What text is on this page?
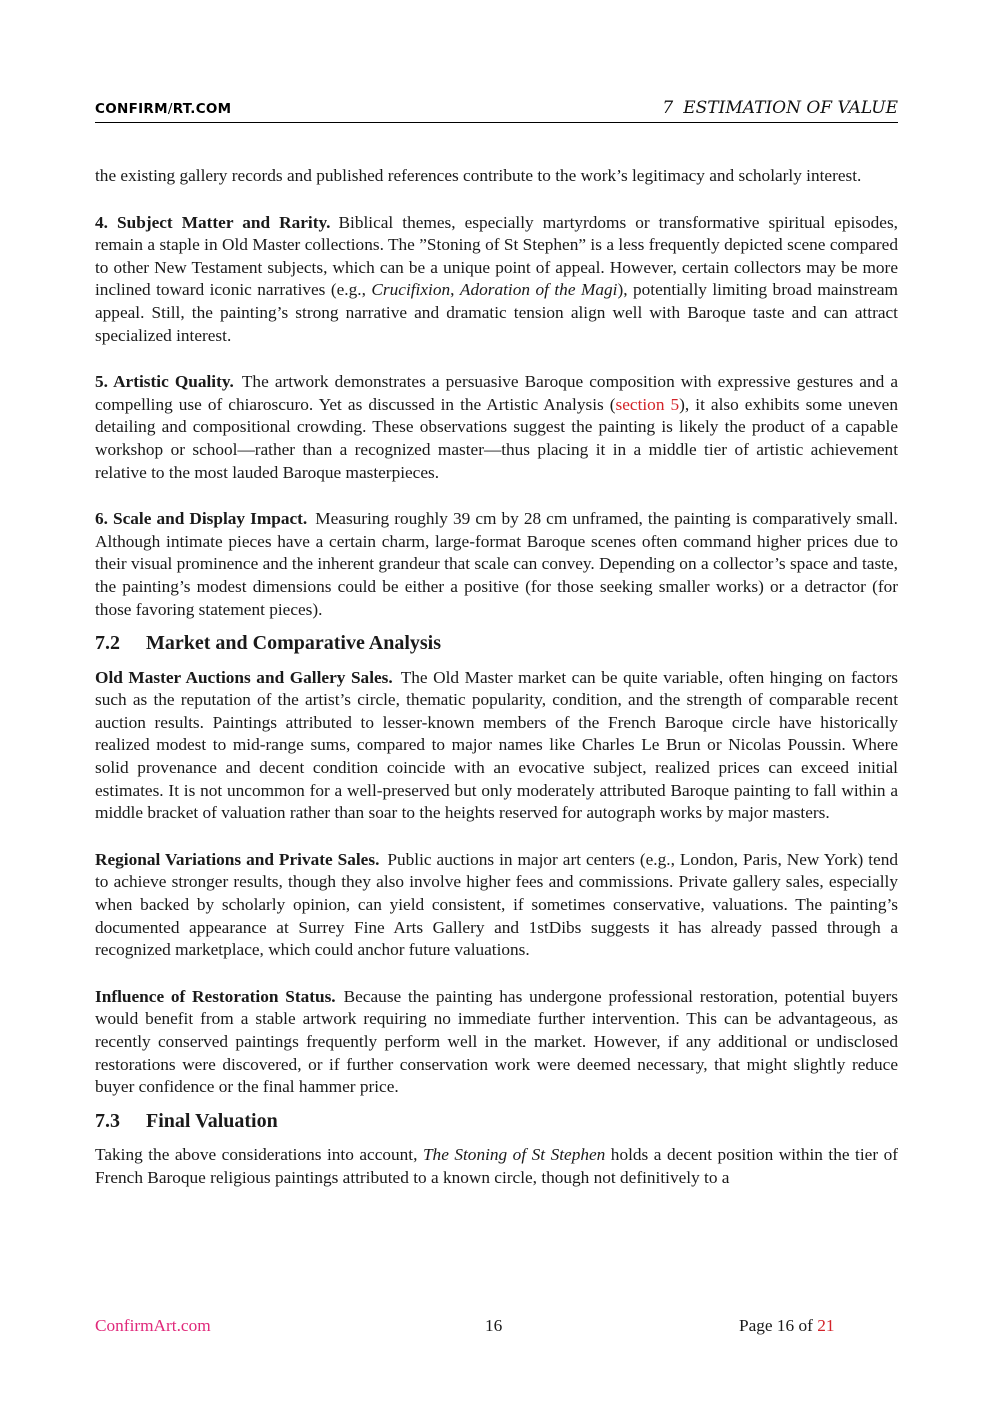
CONFIRM/RT.COM	7 ESTIMATION OF VALUE

the existing gallery records and published references contribute to the work’s legitimacy and scholarly interest.

4. Subject Matter and Rarity. Biblical themes, especially martyrdoms or transformative spiritual episodes, remain a staple in Old Master collections. The ”Stoning of St Stephen” is a less frequently depicted scene compared to other New Testament subjects, which can be a unique point of appeal. However, certain collectors may be more inclined toward iconic narratives (e.g., Crucifixion, Adoration of the Magi), potentially limiting broad mainstream appeal. Still, the painting’s strong narrative and dramatic tension align well with Baroque taste and can attract specialized interest.

5. Artistic Quality. The artwork demonstrates a persuasive Baroque composition with expressive gestures and a compelling use of chiaroscuro. Yet as discussed in the Artistic Analysis (section 5), it also exhibits some uneven detailing and compositional crowding. These observations suggest the painting is likely the product of a capable workshop or school—rather than a recognized master—thus placing it in a middle tier of artistic achievement relative to the most lauded Baroque masterpieces.

6. Scale and Display Impact. Measuring roughly 39 cm by 28 cm unframed, the painting is comparatively small. Although intimate pieces have a certain charm, large-format Baroque scenes often command higher prices due to their visual prominence and the inherent grandeur that scale can convey. Depending on a collector’s space and taste, the painting’s modest dimensions could be either a positive (for those seeking smaller works) or a detractor (for those favoring statement pieces).

7.2 Market and Comparative Analysis

Old Master Auctions and Gallery Sales. The Old Master market can be quite variable, often hinging on factors such as the reputation of the artist’s circle, thematic popularity, condition, and the strength of comparable recent auction results. Paintings attributed to lesser-known members of the French Baroque circle have historically realized modest to mid-range sums, compared to major names like Charles Le Brun or Nicolas Poussin. Where solid provenance and decent condition coincide with an evocative subject, realized prices can exceed initial estimates. It is not uncommon for a well-preserved but only moderately attributed Baroque painting to fall within a middle bracket of valuation rather than soar to the heights reserved for autograph works by major masters.

Regional Variations and Private Sales. Public auctions in major art centers (e.g., London, Paris, New York) tend to achieve stronger results, though they also involve higher fees and commissions. Private gallery sales, especially when backed by scholarly opinion, can yield consistent, if sometimes conservative, valuations. The painting’s documented appearance at Surrey Fine Arts Gallery and 1stDibs suggests it has already passed through a recognized marketplace, which could anchor future valuations.

Influence of Restoration Status. Because the painting has undergone professional restoration, potential buyers would benefit from a stable artwork requiring no immediate further intervention. This can be advantageous, as recently conserved paintings frequently perform well in the market. However, if any additional or undisclosed restorations were discovered, or if further conservation work were deemed necessary, that might slightly reduce buyer confidence or the final hammer price.

7.3 Final Valuation

Taking the above considerations into account, The Stoning of St Stephen holds a decent position within the tier of French Baroque religious paintings attributed to a known circle, though not definitively to a

ConfirmArt.com	16	Page 16 of 21
